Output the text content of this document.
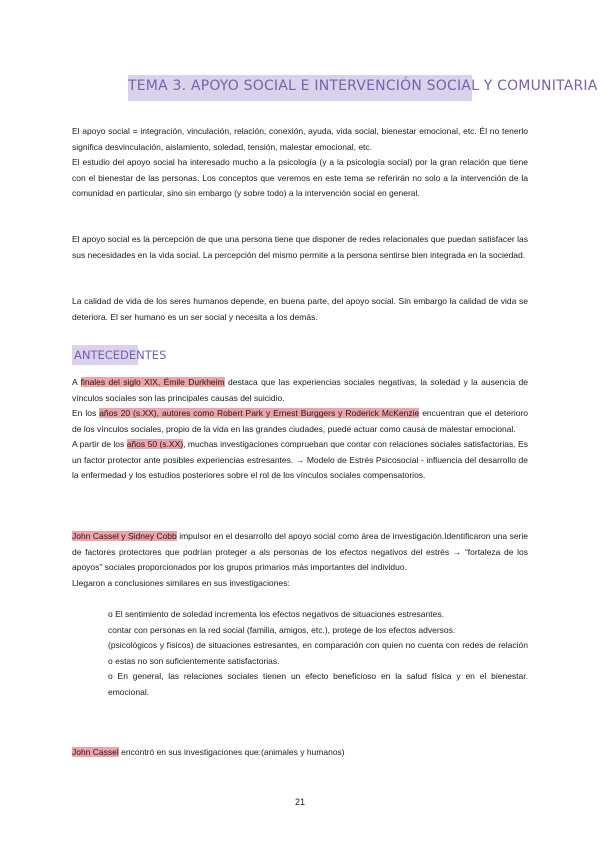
TEMA 3. APOYO SOCIAL E INTERVENCIÓN SOCIAL Y COMUNITARIA

El apoyo social = integración, vinculación, relación, conexión, ayuda, vida social, bienestar emocional, etc. Él no tenerlo significa desvinculación, aislamiento, soledad, tensión, malestar emocional, etc.

El estudio del apoyo social ha interesado mucho a la psicología (y a la psicología social) por la gran relación que tiene con el bienestar de las personas. Los conceptos que veremos en este tema se referirán no solo a la intervención de la comunidad en particular, sino sin embargo (y sobre todo) a la intervención social en general.

El apoyo social es la percepción de que una persona tiene que disponer de redes relacionales que puedan satisfacer las sus necesidades en la vida social. La percepción del mismo permite a la persona sentirse bien integrada en la sociedad.

La calidad de vida de los seres humanos depende, en buena parte, del apoyo social. Sin embargo la calidad de vida se deteriora. El ser humano es un ser social y necesita a los demás.

ANTECEDENTES

A finales del siglo XIX, Émile Durkheim destaca que las experiencias sociales negativas, la soledad y la ausencia de vínculos sociales son las principales causas del suicidio.

En los años 20 (s.XX), autores como Robert Park y Ernest Burggers y Roderick McKenzie encuentran que el deterioro de los vínculos sociales, propio de la vida en las grandes ciudades, puede actuar como causa de malestar emocional.

A partir de los años 50 (s.XX), muchas investigaciones comprueban que contar con relaciones sociales satisfactorias. Es un factor protector ante posibles experiencias estresantes. → Modelo de Estrés Psicosocial - influencia del desarrollo de la enfermedad y los estudios posteriores sobre el rol de los vínculos sociales compensatorios.

John Cassel y Sidney Cobb impulsor en el desarrollo del apoyo social como área de investigación.Identificaron una serie de factores protectores que podrían proteger a als personas de los efectos negativos del estrés → “fortaleza de los apoyos” sociales proporcionados por los grupos primarios más importantes del individuo.

Llegaron a conclusiones similares en sus investigaciones:

o El sentimiento de soledad incrementa los efectos negativos de situaciones estresantes.

contar con personas en la red social (familia, amigos, etc.), protege de los efectos adversos.

(psicológicos y físicos) de situaciones estresantes, en comparación con quien no cuenta con redes de relación o estas no son suficientemente satisfactorias.

o En general, las relaciones sociales tienen un efecto beneficioso en la salud física y en el bienestar. emocional.

John Cassel encontró en sus investigaciones que:(animales y humanos)

21
